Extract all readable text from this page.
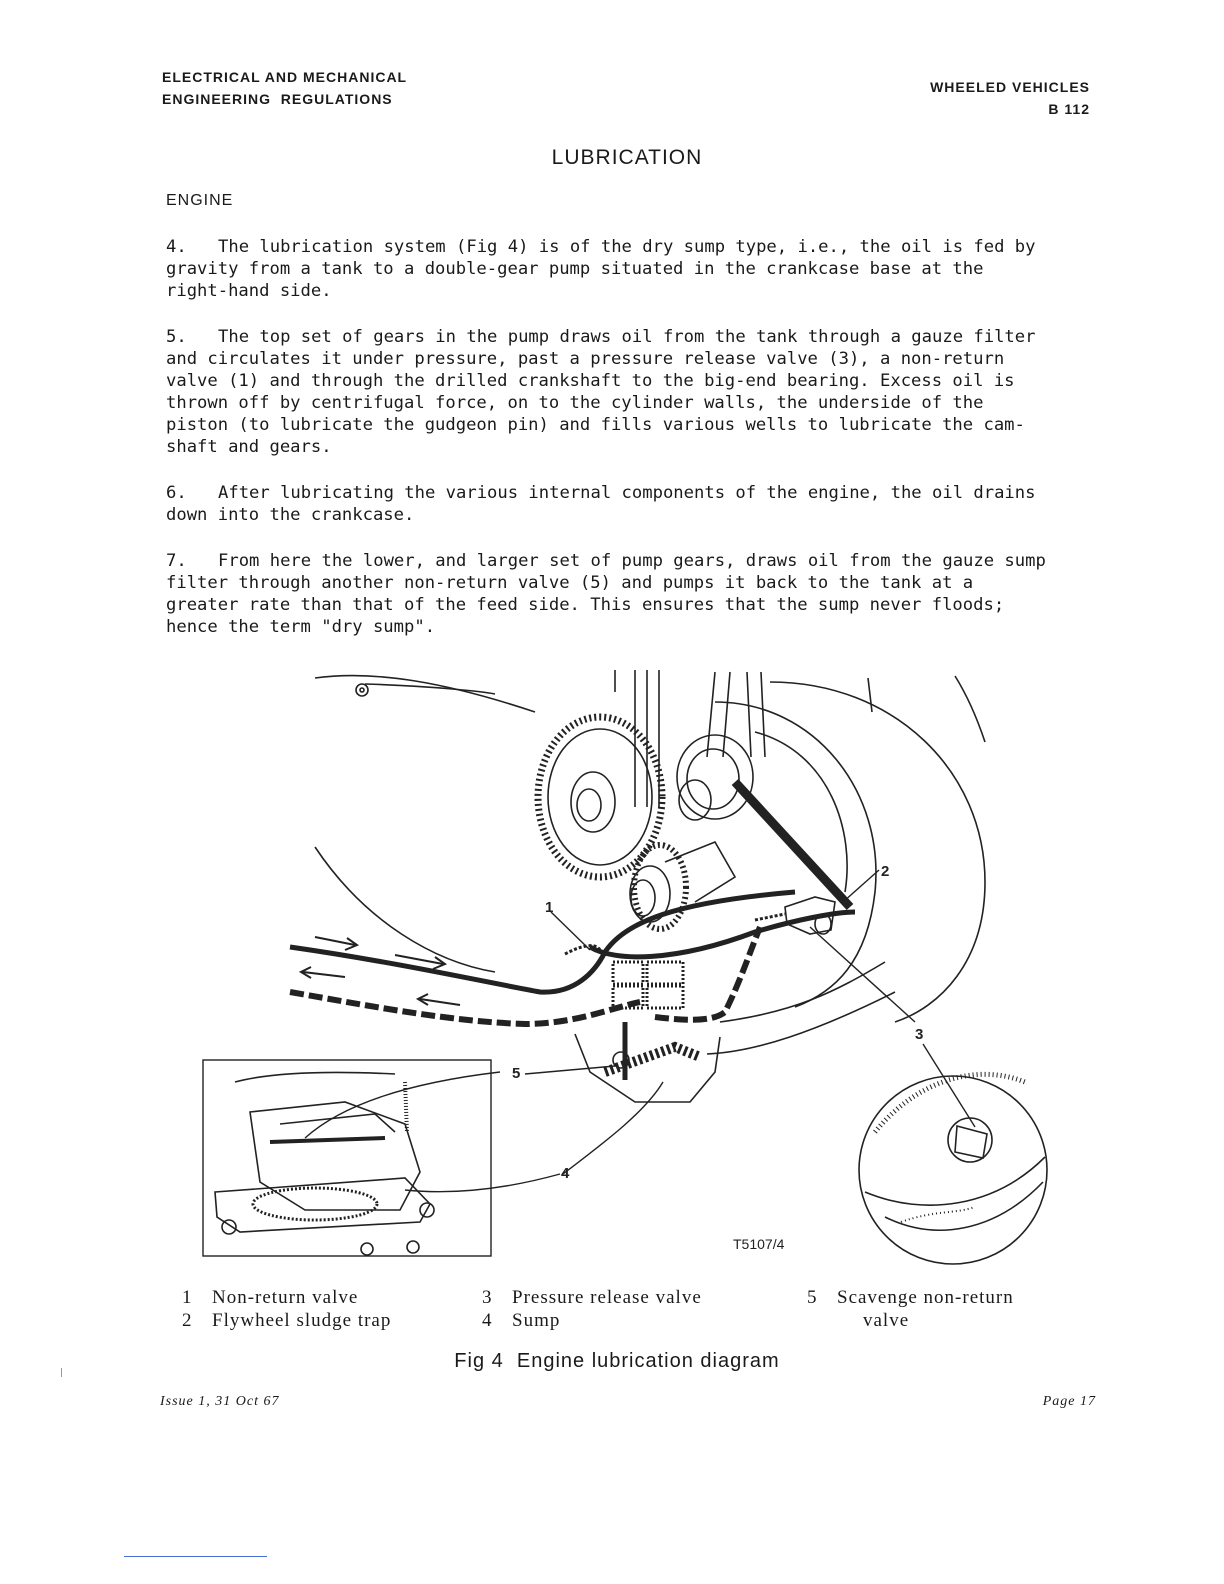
ELECTRICAL AND MECHANICAL
ENGINEERING  REGULATIONS
WHEELED VEHICLES
B 112
LUBRICATION
ENGINE
4. The lubrication system (Fig 4) is of the dry sump type, i.e., the oil is fed by
gravity from a tank to a double-gear pump situated in the crankcase base at the
right-hand side.
5. The top set of gears in the pump draws oil from the tank through a gauze filter
and circulates it under pressure, past a pressure release valve (3), a non-return
valve (1) and through the drilled crankshaft to the big-end bearing. Excess oil is
thrown off by centrifugal force, on to the cylinder walls, the underside of the
piston (to lubricate the gudgeon pin) and fills various wells to lubricate the cam-
shaft and gears.
6. After lubricating the various internal components of the engine, the oil drains
down into the crankcase.
7. From here the lower, and larger set of pump gears, draws oil from the gauze sump
filter through another non-return valve (5) and pumps it back to the tank at a
greater rate than that of the feed side. This ensures that the sump never floods;
hence the term "dry sump".
1
2
3
4
5
T5107/4
1 Non-return valve
2 Flywheel sludge trap
3 Pressure release valve
4 Sump
5 Scavenge non-return
valve
Fig 4  Engine lubrication diagram
Issue 1, 31 Oct 67	Page 17
